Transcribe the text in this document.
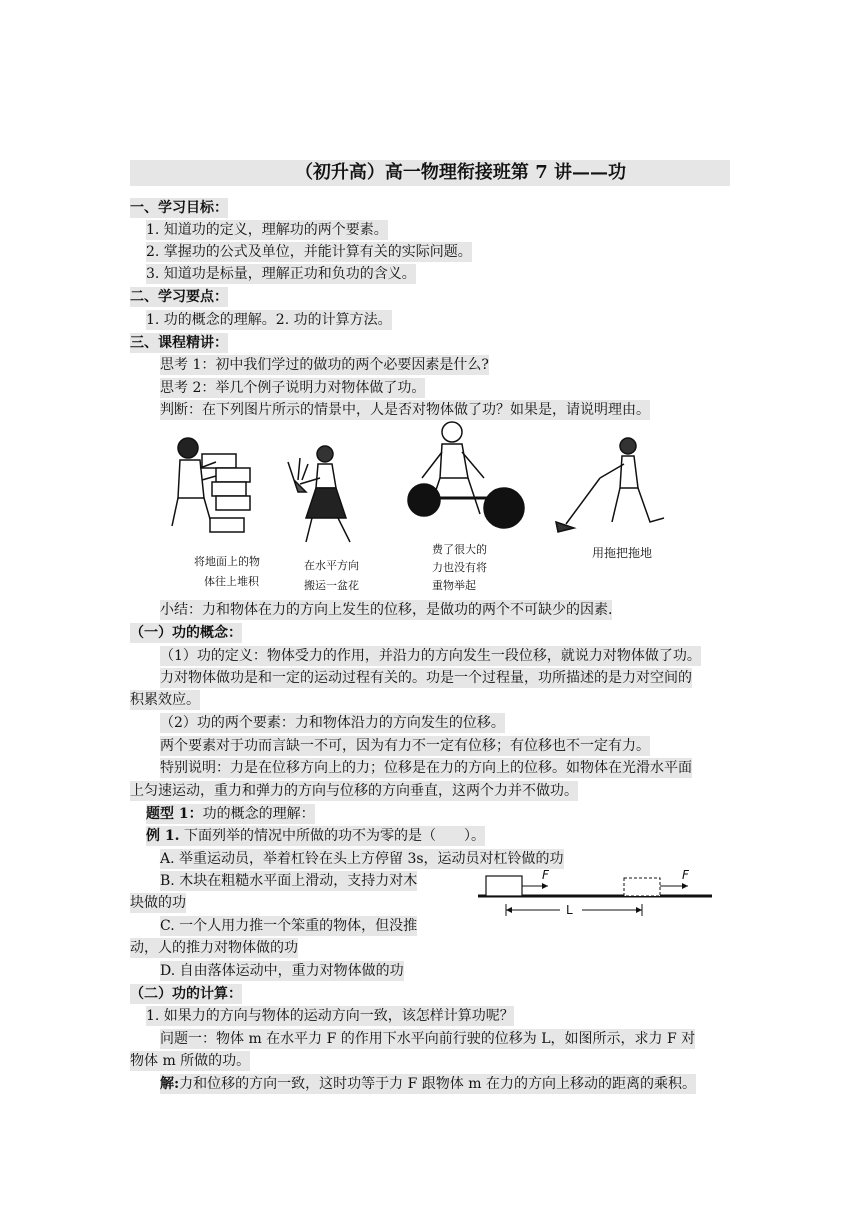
（初升高）高一物理衔接班第 7 讲——功
一、学习目标：
1. 知道功的定义，理解功的两个要素。
2. 掌握功的公式及单位，并能计算有关的实际问题。
3. 知道功是标量，理解正功和负功的含义。
二、学习要点：
1. 功的概念的理解。2. 功的计算方法。
三、课程精讲：
思考 1：初中我们学过的做功的两个必要因素是什么?
思考 2：举几个例子说明力对物体做了功。
判断：在下列图片所示的情景中，人是否对物体做了功？如果是，请说明理由。
将地面上的物
体往上堆积
在水平方向
搬运一盆花
费了很大的
力也没有将
重物举起
用拖把拖地
小结：力和物体在力的方向上发生的位移，是做功的两个不可缺少的因素.
（一）功的概念：
（1）功的定义：物体受力的作用，并沿力的方向发生一段位移，就说力对物体做了功。
力对物体做功是和一定的运动过程有关的。功是一个过程量，功所描述的是力对空间的
积累效应。
（2）功的两个要素：力和物体沿力的方向发生的位移。
两个要素对于功而言缺一不可，因为有力不一定有位移；有位移也不一定有力。
特别说明：力是在位移方向上的力；位移是在力的方向上的位移。如物体在光滑水平面
上匀速运动，重力和弹力的方向与位移的方向垂直，这两个力并不做功。
题型 1：功的概念的理解：
例 1. 下面列举的情况中所做的功不为零的是（　　）。
A. 举重运动员，举着杠铃在头上方停留 3s，运动员对杠铃做的功
B. 木块在粗糙水平面上滑动，支持力对木
块做的功
C. 一个人用力推一个笨重的物体，但没推
动，人的推力对物体做的功
D. 自由落体运动中，重力对物体做的功
F	F
L
（二）功的计算：
1. 如果力的方向与物体的运动方向一致，该怎样计算功呢？
问题一：物体 m 在水平力 F 的作用下水平向前行驶的位移为 L，如图所示，求力 F 对
物体 m 所做的功。
解:力和位移的方向一致，这时功等于力 F 跟物体 m 在力的方向上移动的距离的乘积。
